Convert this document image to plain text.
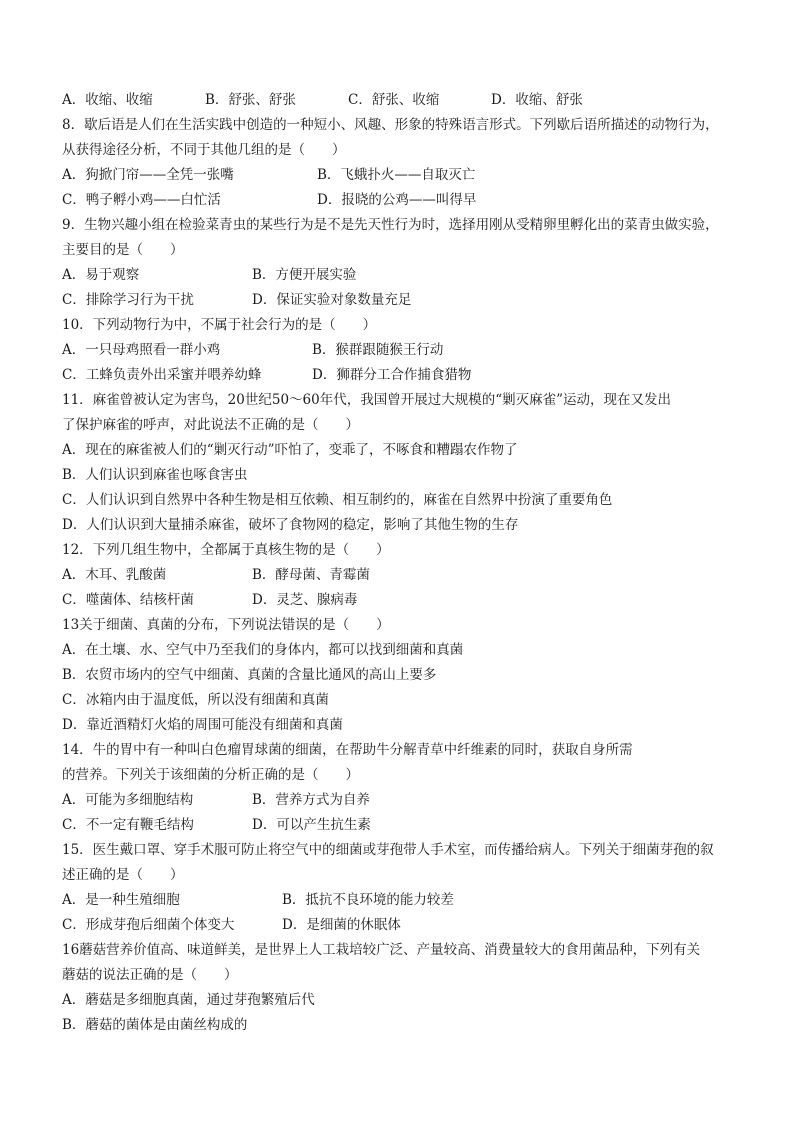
A．收缩、收缩	B．舒张、舒张	C．舒张、收缩	D．收缩、舒张
8．歇后语是人们在生活实践中创造的一种短小、风趣、形象的特殊语言形式。下列歇后语所描述的动物行为，
从获得途径分析，不同于其他几组的是（　　）
A．狗掀门帘——全凭一张嘴	B．飞蛾扑火——自取灭亡
C．鸭子孵小鸡——白忙活	D．报晓的公鸡——叫得早
9．生物兴趣小组在检验菜青虫的某些行为是不是先天性行为时，选择用刚从受精卵里孵化出的菜青虫做实验，
主要目的是（　　）
A．易于观察	B．方便开展实验
C．排除学习行为干扰	D．保证实验对象数量充足
10．下列动物行为中，不属于社会行为的是（　　）
A．一只母鸡照看一群小鸡	B．猴群跟随猴王行动
C．工蜂负责外出采蜜并喂养幼蜂	D．狮群分工合作捕食猎物
11．麻雀曾被认定为害鸟，20世纪50～60年代，我国曾开展过大规模的“剿灭麻雀”运动，现在又发出
了保护麻雀的呼声，对此说法不正确的是（　　）
A．现在的麻雀被人们的“剿灭行动”吓怕了，变乖了，不啄食和糟蹋农作物了
B．人们认识到麻雀也啄食害虫
C．人们认识到自然界中各种生物是相互依赖、相互制约的，麻雀在自然界中扮演了重要角色
D．人们认识到大量捕杀麻雀，破坏了食物网的稳定，影响了其他生物的生存
12．下列几组生物中，全都属于真核生物的是（　　）
A．木耳、乳酸菌	B．酵母菌、青霉菌
C．噬菌体、结核杆菌	D．灵芝、腺病毒
13关于细菌、真菌的分布，下列说法错误的是（　　）
A．在土壤、水、空气中乃至我们的身体内，都可以找到细菌和真菌
B．农贸市场内的空气中细菌、真菌的含量比通风的高山上要多
C．冰箱内由于温度低，所以没有细菌和真菌
D．靠近酒精灯火焰的周围可能没有细菌和真菌
14．牛的胃中有一种叫白色瘤胃球菌的细菌，在帮助牛分解青草中纤维素的同时，获取自身所需
的营养。下列关于该细菌的分析正确的是（　　）
A．可能为多细胞结构	B．营养方式为自养
C．不一定有鞭毛结构	D．可以产生抗生素
15．医生戴口罩、穿手术服可防止将空气中的细菌或芽孢带人手术室，而传播给病人。下列关于细菌芽孢的叙
述正确的是（　　）
A．是一种生殖细胞	B．抵抗不良环境的能力较差
C．形成芽孢后细菌个体变大	D．是细菌的休眠体
16蘑菇营养价值高、味道鲜美，是世界上人工栽培较广泛、产量较高、消费量较大的食用菌品种，下列有关
蘑菇的说法正确的是（　　）
A．蘑菇是多细胞真菌，通过芽孢繁殖后代
B．蘑菇的菌体是由菌丝构成的
